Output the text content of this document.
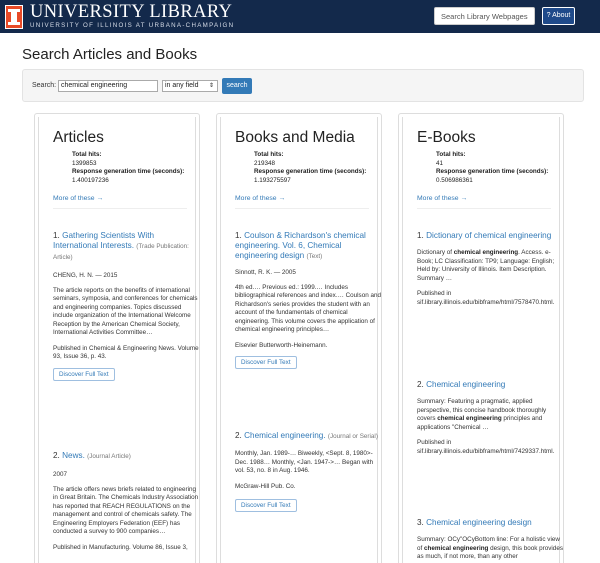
UNIVERSITY LIBRARY
UNIVERSITY OF ILLINOIS AT URBANA-CHAMPAIGN
Search Library Webpages	? About
Search Articles and Books
Search: chemical engineering	in any field ⇕	search
Articles
Total hits:
1399853
Response generation time (seconds):
1.400197236
More of these →
1. Gathering Scientists With International Interests. (Trade Publication: Article)
CHENG, H. N. — 2015
The article reports on the benefits of international seminars, symposia, and conferences for chemicals and engineering companies. Topics discussed include organization of the International Welcome Reception by the American Chemical Society, International Activities Committee…
Published in Chemical & Engineering News. Volume 93, Issue 36, p. 43.
Discover Full Text
2. News. (Journal Article)
2007
The article offers news briefs related to engineering in Great Britain. The Chemicals Industry Association has reported that REACH REGULATIONS on the management and control of chemicals safety. The Engineering Employers Federation (EEF) has conducted a survey to 900 companies…
Published in Manufacturing. Volume 86, Issue 3,
Books and Media
Total hits:
219348
Response generation time (seconds):
1.193275597
More of these →
1. Coulson & Richardson's chemical engineering. Vol. 6, Chemical engineering design (Text)
Sinnott, R. K. — 2005
4th ed.… Previous ed.: 1999.… Includes bibliographical references and index.… Coulson and Richardson's series provides the student with an account of the fundamentals of chemical engineering. This volume covers the application of chemical engineering principles…
Elsevier Butterworth-Heinemann.
Discover Full Text
2. Chemical engineering. (Journal or Serial)
Monthly, Jan. 1989-… Biweekly, <Sept. 8, 1980>-Dec. 1988… Monthly, <Jan. 1947->… Began with vol. 53, no. 8 in Aug. 1946.
McGraw-Hill Pub. Co.
Discover Full Text
E-Books
Total hits:
41
Response generation time (seconds):
0.506986361
More of these →
1. Dictionary of chemical engineering
Dictionary of chemical engineering. Access. e-Book; LC Classification: TP9; Language: English; Held by: University of Illinois. Item Description. Summary …
Published in sif.library.illinois.edu/bibframe/html/7578470.html.
2. Chemical engineering
Summary: Featuring a pragmatic, applied perspective, this concise handbook thoroughly covers chemical engineering principles and applications "Chemical …
Published in sif.library.illinois.edu/bibframe/html/7429337.html.
3. Chemical engineering design
Summary: OCy"OCyBottom line: For a holistic view of chemical engineering design, this book provides as much, if not more, than any other
